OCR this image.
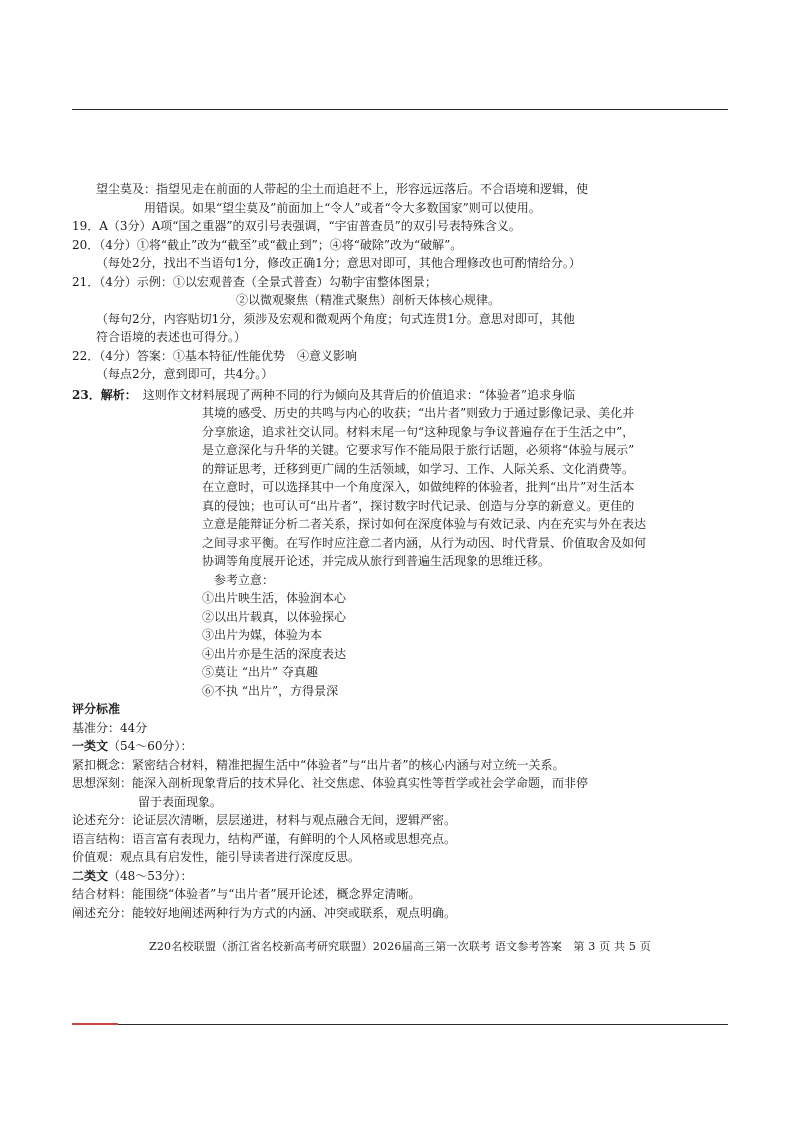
望尘莫及：指望见走在前面的人带起的尘土而追赶不上，形容远远落后。不合语境和逻辑，使
用错误。如果“望尘莫及”前面加上“令人”或者“令大多数国家”则可以使用。
19．A（3分）A项“国之重器”的双引号表强调，“宇宙普查员”的双引号表特殊含义。
20．（4分）①将“截止”改为“截至”或“截止到”；④将“破除”改为“破解”。
（每处2分，找出不当语句1分，修改正确1分；意思对即可，其他合理修改也可酌情给分。）
21．（4分）示例：①以宏观普查（全景式普查）勾勒宇宙整体图景；
②以微观聚焦（精准式聚焦）剖析天体核心规律。
（每句2分，内容贴切1分，须涉及宏观和微观两个角度；句式连贯1分。意思对即可，其他
符合语境的表述也可得分。）
22．（4分）答案：①基本特征/性能优势　④意义影响
（每点2分，意到即可，共4分。）
23．解析： 这则作文材料展现了两种不同的行为倾向及其背后的价值追求：“体验者”追求身临
其境的感受、历史的共鸣与内心的收获；“出片者”则致力于通过影像记录、美化并
分享旅途，追求社交认同。材料末尾一句“这种现象与争议普遍存在于生活之中”，
是立意深化与升华的关键。它要求写作不能局限于旅行话题，必须将“体验与展示”
的辩证思考，迁移到更广阔的生活领域，如学习、工作、人际关系、文化消费等。
在立意时，可以选择其中一个角度深入，如做纯粹的体验者，批判“出片”对生活本
真的侵蚀；也可认可“出片者”，探讨数字时代记录、创造与分享的新意义。更佳的
立意是能辩证分析二者关系，探讨如何在深度体验与有效记录、内在充实与外在表达
之间寻求平衡。在写作时应注意二者内涵，从行为动因、时代背景、价值取舍及如何
协调等角度展开论述，并完成从旅行到普遍生活现象的思维迁移。
参考立意：
①出片映生活，体验润本心
②以出片载真，以体验探心
③出片为媒，体验为本
④出片亦是生活的深度表达
⑤莫让 “出片” 夺真趣
⑥不执 “出片”，方得景深
评分标准
基准分：44分
一类文（54～60分）：
紧扣概念：紧密结合材料，精准把握生活中“体验者”与“出片者”的核心内涵与对立统一关系。
思想深刻：能深入剖析现象背后的技术异化、社交焦虑、体验真实性等哲学或社会学命题，而非停
留于表面现象。
论述充分：论证层次清晰，层层递进，材料与观点融合无间，逻辑严密。
语言结构：语言富有表现力，结构严谨，有鲜明的个人风格或思想亮点。
价值观：观点具有启发性，能引导读者进行深度反思。
二类文（48～53分）：
结合材料：能围绕“体验者”与“出片者”展开论述，概念界定清晰。
阐述充分：能较好地阐述两种行为方式的内涵、冲突或联系，观点明确。
Z20名校联盟（浙江省名校新高考研究联盟）2026届高三第一次联考 语文参考答案　第 3 页 共 5 页
